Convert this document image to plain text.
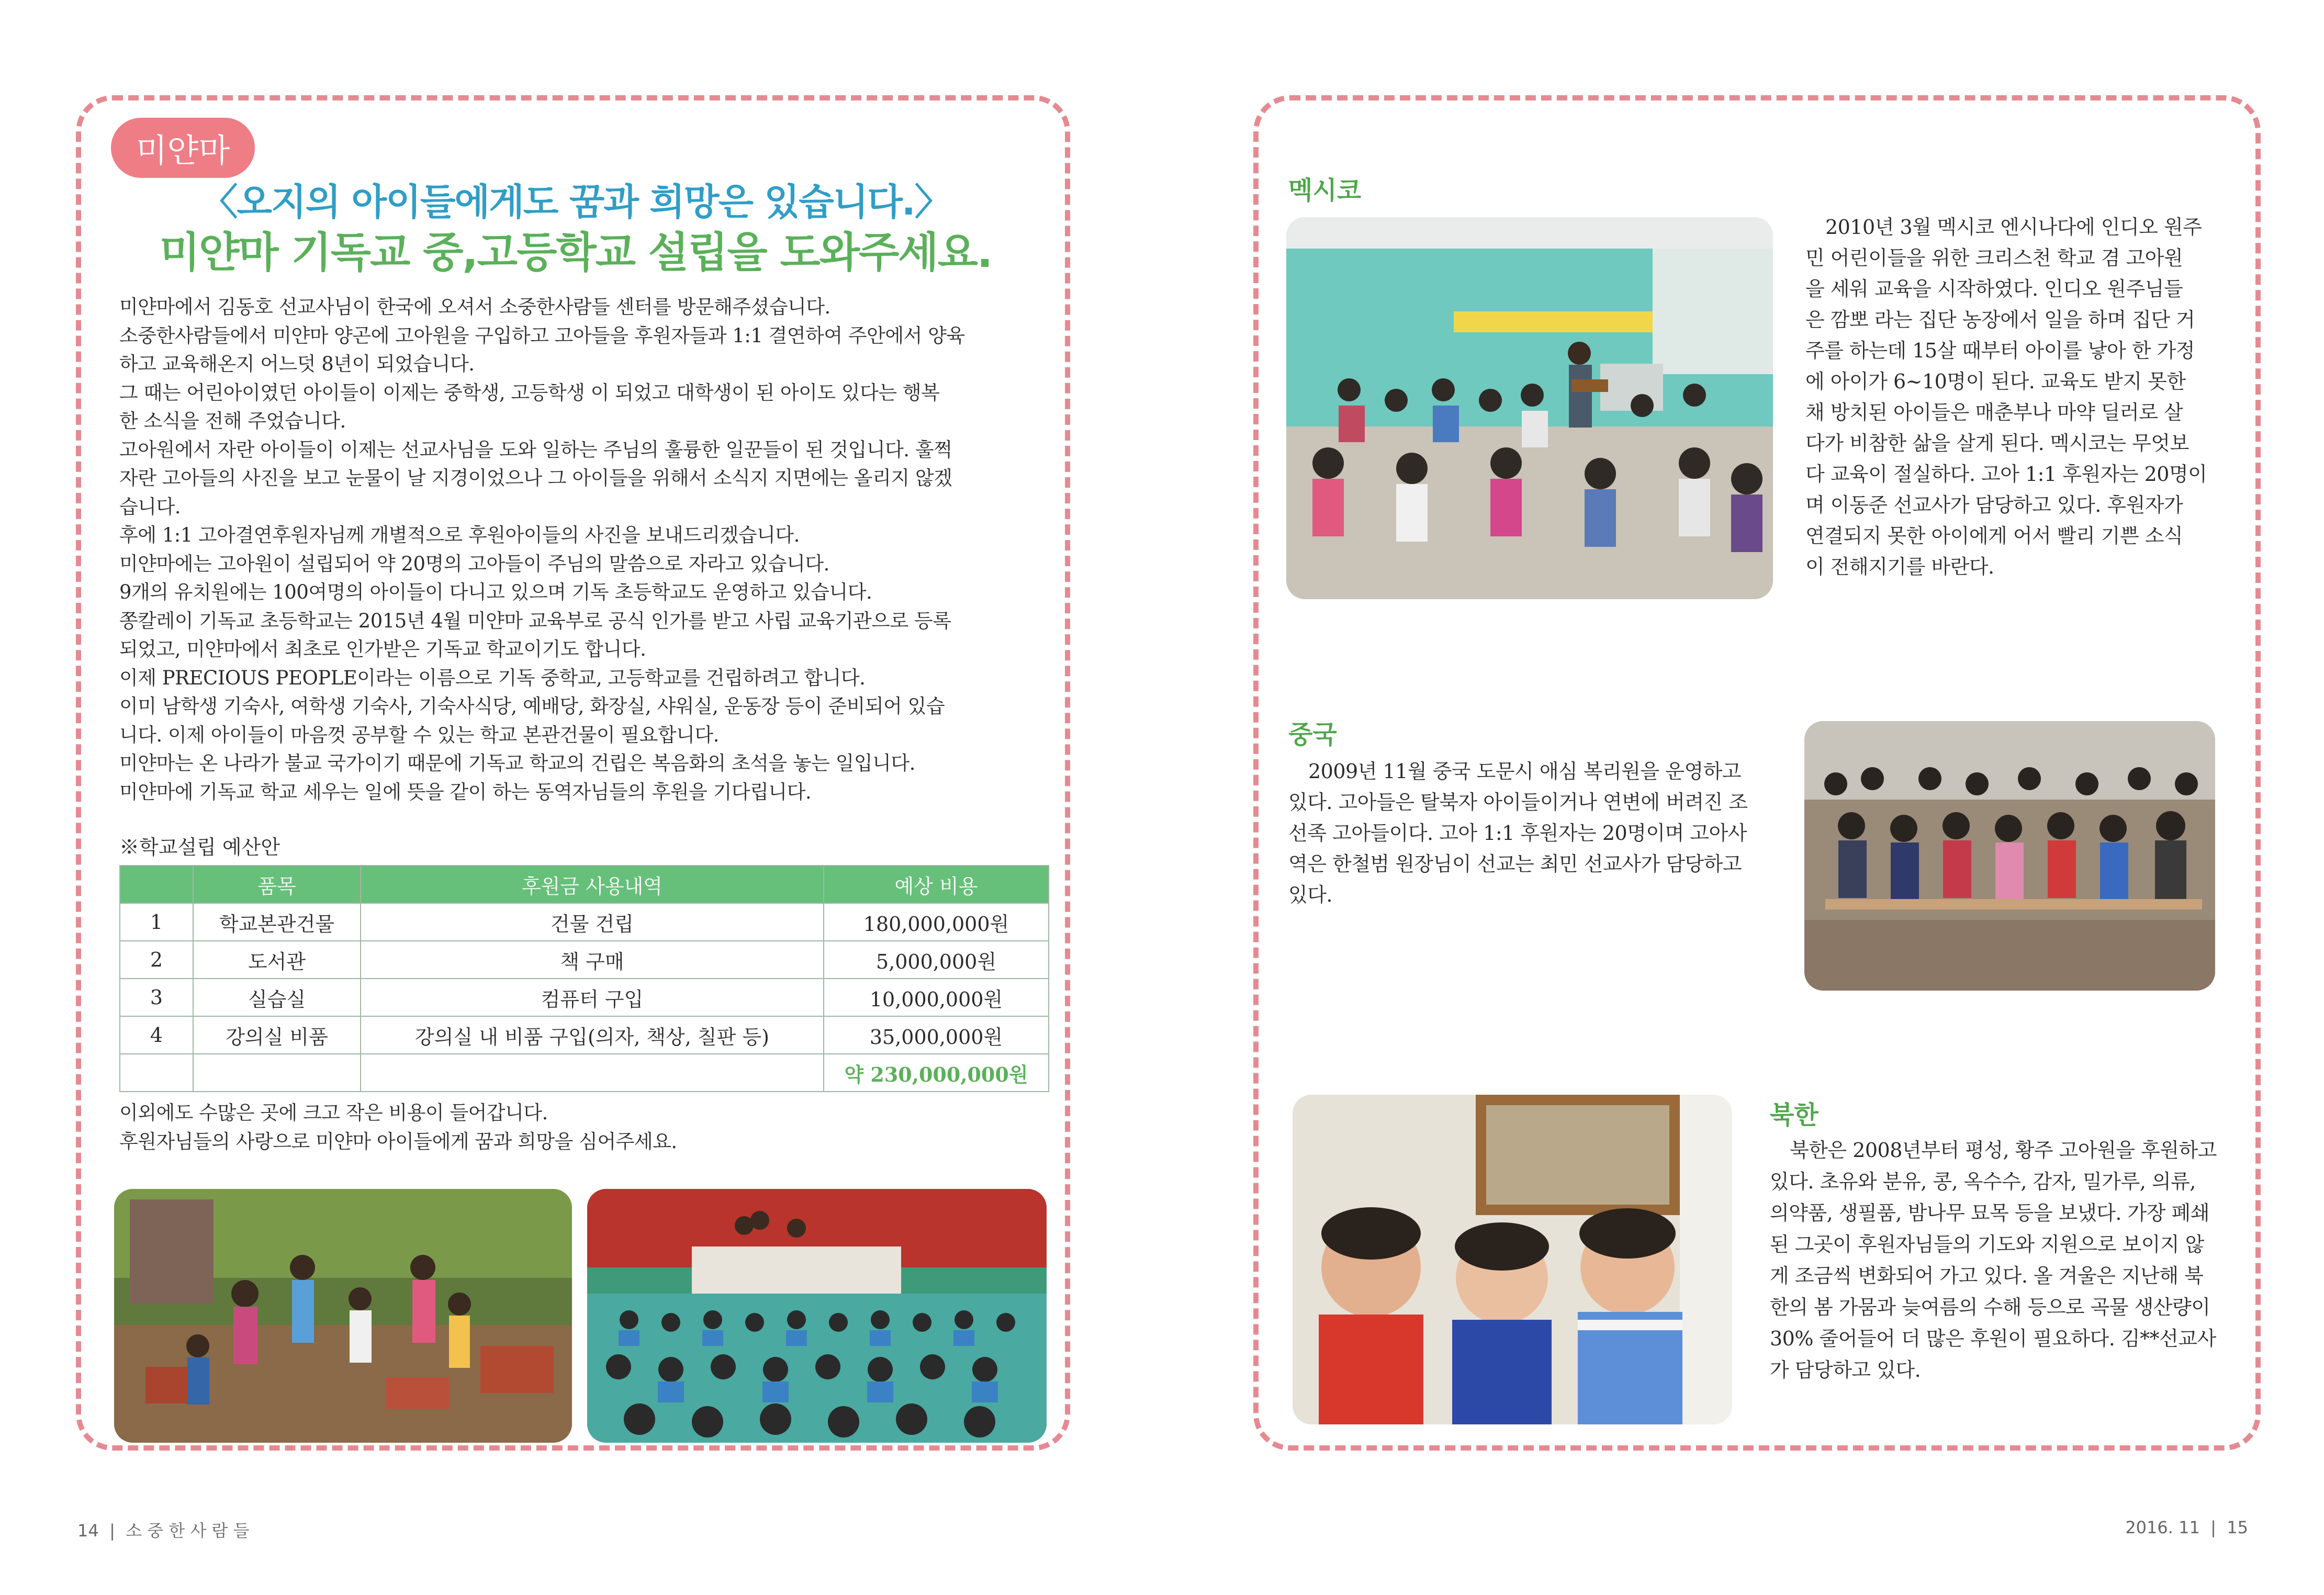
미얀마
〈오지의 아이들에게도 꿈과 희망은 있습니다.〉
미얀마 기독교 중,고등학교 설립을 도와주세요.

미얀마에서 김동호 선교사님이 한국에 오셔서 소중한사람들 센터를 방문해주셨습니다.

소중한사람들에서 미얀마 양곤에 고아원을 구입하고 고아들을 후원자들과 1:1 결연하여 주안에서 양육

하고 교육해온지 어느덧 8년이 되었습니다.

그 때는 어린아이였던 아이들이 이제는 중학생, 고등학생 이 되었고 대학생이 된 아이도 있다는 행복

한 소식을 전해 주었습니다.

고아원에서 자란 아이들이 이제는 선교사님을 도와 일하는 주님의 훌륭한 일꾼들이 된 것입니다. 훌쩍

자란 고아들의 사진을 보고 눈물이 날 지경이었으나 그 아이들을 위해서 소식지 지면에는 올리지 않겠

습니다.

후에 1:1 고아결연후원자님께 개별적으로 후원아이들의 사진을 보내드리겠습니다.

미얀마에는 고아원이 설립되어 약 20명의 고아들이 주님의 말씀으로 자라고 있습니다.

9개의 유치원에는 100여명의 아이들이 다니고 있으며 기독 초등학교도 운영하고 있습니다.

쫑칼레이 기독교 초등학교는 2015년 4월 미얀마 교육부로 공식 인가를 받고 사립 교육기관으로 등록

되었고, 미얀마에서 최초로 인가받은 기독교 학교이기도 합니다.

이제 PRECIOUS PEOPLE이라는 이름으로 기독 중학교, 고등학교를 건립하려고 합니다.

이미 남학생 기숙사, 여학생 기숙사, 기숙사식당, 예배당, 화장실, 샤워실, 운동장 등이 준비되어 있습

니다. 이제 아이들이 마음껏 공부할 수 있는 학교 본관건물이 필요합니다.

미얀마는 온 나라가 불교 국가이기 때문에 기독교 학교의 건립은 복음화의 초석을 놓는 일입니다.

미얀마에 기독교 학교 세우는 일에 뜻을 같이 하는 동역자님들의 후원을 기다립니다.

※학교설립 예산안
	품목	후원금 사용내역	예상 비용
1	학교본관건물	건물 건립	180,000,000원
2	도서관	책 구매	5,000,000원
3	실습실	컴퓨터 구입	10,000,000원
4	강의실 비품	강의실 내 비품 구입(의자, 책상, 칠판 등)	35,000,000원
			약 230,000,000원

이외에도 수많은 곳에 크고 작은 비용이 들어갑니다.

후원자님들의 사랑으로 미얀마 아이들에게 꿈과 희망을 심어주세요.

14 | 소 중 한 사 람 들
멕시코

2010년 3월 멕시코 엔시나다에 인디오 원주

민 어린이들을 위한 크리스천 학교 겸 고아원

을 세워 교육을 시작하였다. 인디오 원주님들

은 깜뽀 라는 집단 농장에서 일을 하며 집단 거

주를 하는데 15살 때부터 아이를 낳아 한 가정

에 아이가 6~10명이 된다. 교육도 받지 못한

채 방치된 아이들은 매춘부나 마약 딜러로 살

다가 비참한 삶을 살게 된다. 멕시코는 무엇보

다 교육이 절실하다. 고아 1:1 후원자는 20명이

며 이동준 선교사가 담당하고 있다. 후원자가

연결되지 못한 아이에게 어서 빨리 기쁜 소식

이 전해지기를 바란다.

중국

2009년 11월 중국 도문시 애심 복리원을 운영하고

있다. 고아들은 탈북자 아이들이거나 연변에 버려진 조

선족 고아들이다. 고아 1:1 후원자는 20명이며 고아사

역은 한철범 원장님이 선교는 최민 선교사가 담당하고

있다.

북한

북한은 2008년부터 평성, 황주 고아원을 후원하고

있다. 초유와 분유, 콩, 옥수수, 감자, 밀가루, 의류,

의약품, 생필품, 밤나무 묘목 등을 보냈다. 가장 폐쇄

된 그곳이 후원자님들의 기도와 지원으로 보이지 않

게 조금씩 변화되어 가고 있다. 올 겨울은 지난해 북

한의 봄 가뭄과 늦여름의 수해 등으로 곡물 생산량이

30% 줄어들어 더 많은 후원이 필요하다. 김**선교사

가 담당하고 있다.

2016. 11 | 15
